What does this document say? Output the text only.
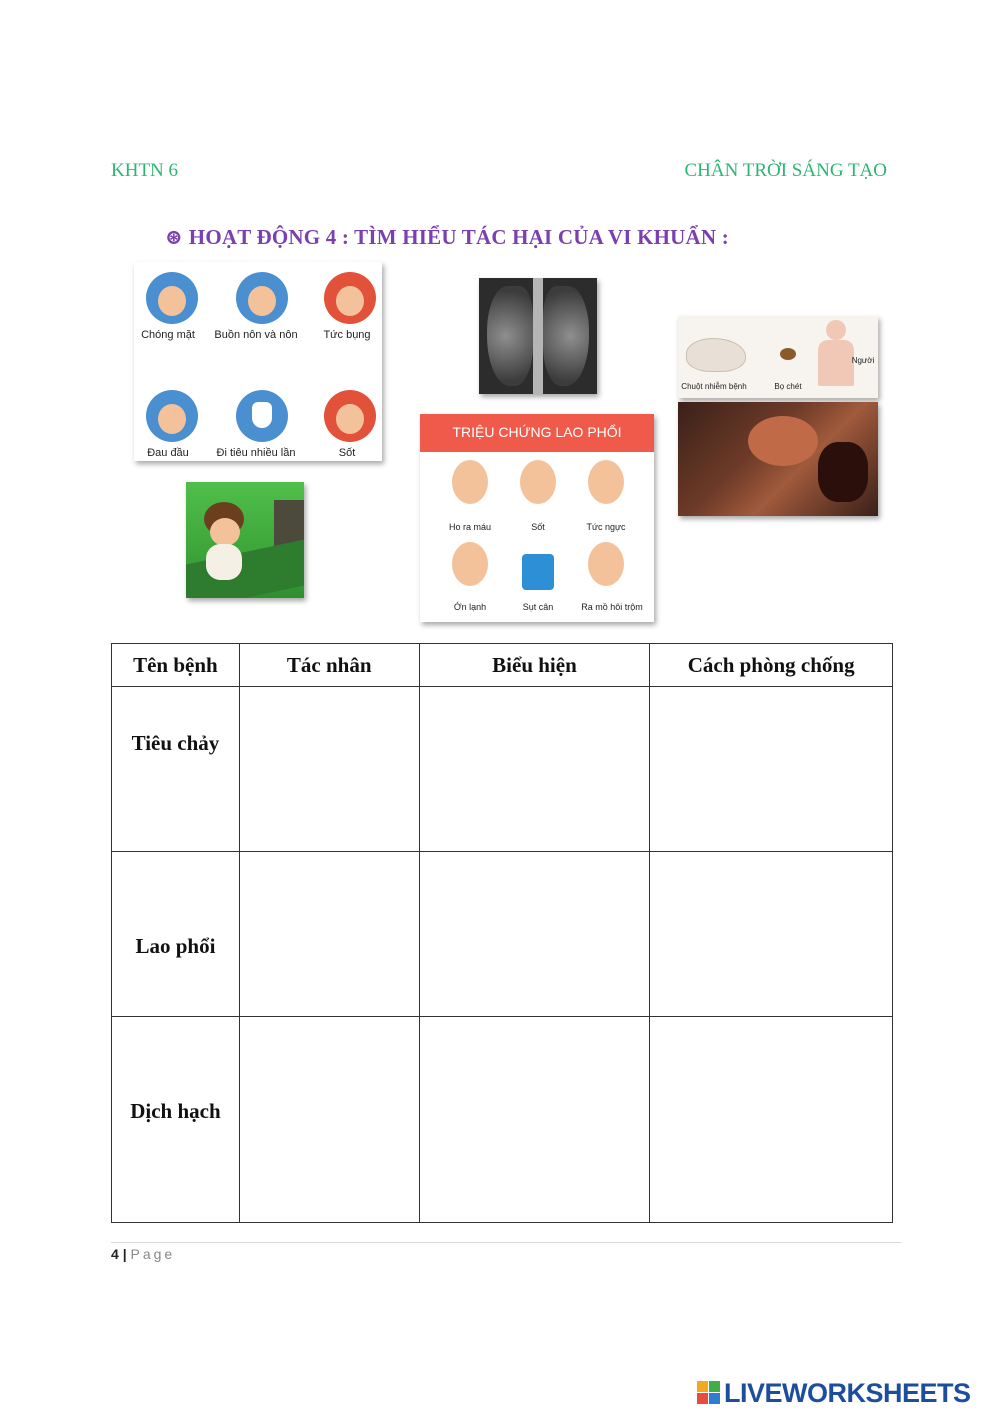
KHTN 6	CHÂN TRỜI SÁNG TẠO
⊛ HOẠT ĐỘNG 4 : TÌM HIỂU TÁC HẠI CỦA VI KHUẨN :
Chóng mặt	Buồn nôn và nôn	Tức bụng
Đau đầu	Đi tiêu nhiều lần	Sốt
TRIỆU CHỨNG LAO PHỔI
Ho ra máu	Sốt	Tức ngực
Ớn lạnh	Sụt cân	Ra mồ hôi trộm
Chuột nhiễm bệnh	Bọ chét
Người
Tên bệnh	Tác nhân	Biểu hiện	Cách phòng chống
Tiêu chảy			
Lao phổi			
Dịch hạch			
4 | Page
LIVEWORKSHEETS
